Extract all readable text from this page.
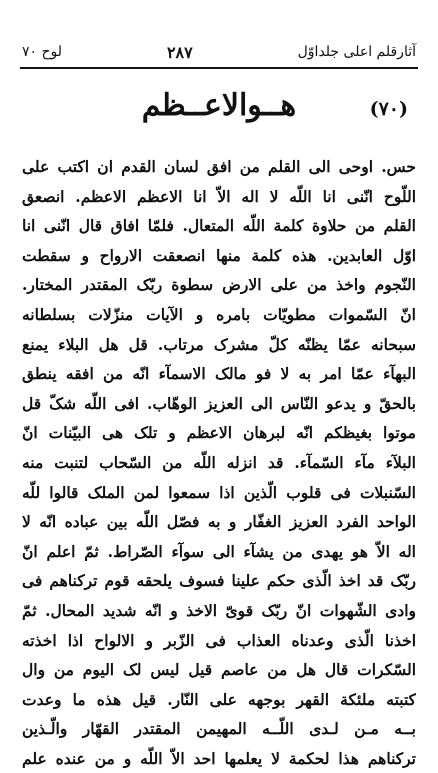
آثارقلم اعلی جلداوّل
۲۸۷
لوح ۷۰
(۷۰)
هــوالاعــظم
حس. اوحی الی القلم من افق لسان القدم ان اکتب علی
اللّوح انّنی انا اللّه لا اله الاّ انا الاعظم الاعظم. انصعق
القلم من حلاوة کلمة اللّه المتعال. فلمّا افاق قال انّنی انا
اوّل العابدین. هذه کلمة منها انصعقت الارواح و سقطت
النّجوم واخذ من علی الارض سطوة ربّک المقتدر المختار.
انّ السّموات مطویّات بامره و الآیات منزّلات بسلطانه
سبحانه عمّا یظنّه کلّ مشرک مرتاب. قل هل البلاء یمنع
البهآء عمّا امر به لا فو مالک الاسمآء انّه من افقه ینطق
بالحقّ و یدعو النّاس الی العزیز الوهّاب. افی اللّه شکّ قل
موتوا بغیظکم انّه لبرهان الاعظم و تلک هی البیّنات انّ
البلآء مآء السّمآء. قد انزله اللّه من السّحاب لتنبت منه
السّنبلات فی قلوب الّذین اذا سمعوا لمن الملک قالوا للّه
الواحد الفرد العزیز الغفّار و به فصّل اللّه بین عباده انّه لا
اله الاّ هو یهدی من یشآء الی سوآء الصّراط. ثمّ اعلم انّ
ربّک قد اخذ الّذی حکم علینا فسوف یلحقه قوم ترکناهم فی
وادی الشّهوات انّ ربّک قویّ الاخذ و انّه شدید المحال. ثمّ
اخذنا الّذی وعدناه العذاب فی الزّبر و الالواح اذا اخذته
السّکرات قال هل من عاصم قیل لیس لک الیوم من وال
کتبته ملئکة القهر بوجهه علی النّار. قیل هذه ما وعدت
بــه مـن لـدی اللّــه المهیمن المقتدر القهّار والّـذین
ترکناهم هذا لحکمة لا یعلمها احد الاّ اللّه و من عنده علم
